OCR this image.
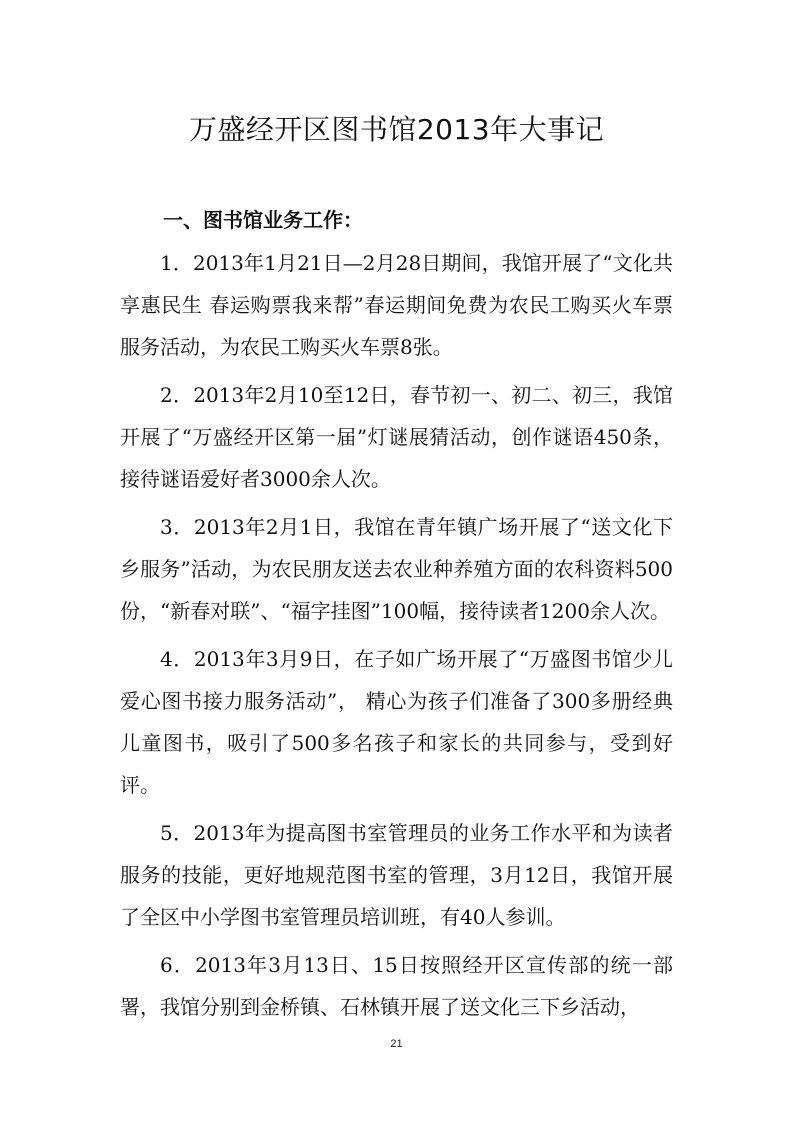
万盛经开区图书馆2013年大事记
一、图书馆业务工作：

1．2013年1月21日—2月28日期间，我馆开展了“文化共享惠民生 春运购票我来帮”春运期间免费为农民工购买火车票服务活动，为农民工购买火车票8张。

2．2013年2月10至12日，春节初一、初二、初三，我馆开展了“万盛经开区第一届”灯谜展猜活动，创作谜语450条，接待谜语爱好者3000余人次。

3．2013年2月1日，我馆在青年镇广场开展了“送文化下乡服务”活动，为农民朋友送去农业种养殖方面的农科资料500份，“新春对联”、“福字挂图”100幅，接待读者1200余人次。

4．2013年3月9日，在子如广场开展了“万盛图书馆少儿爱心图书接力服务活动”， 精心为孩子们准备了300多册经典儿童图书，吸引了500多名孩子和家长的共同参与，受到好评。

5．2013年为提高图书室管理员的业务工作水平和为读者服务的技能，更好地规范图书室的管理，3月12日，我馆开展了全区中小学图书室管理员培训班，有40人参训。

6．2013年3月13日、15日按照经开区宣传部的统一部署，我馆分别到金桥镇、石林镇开展了送文化三下乡活动，

21
